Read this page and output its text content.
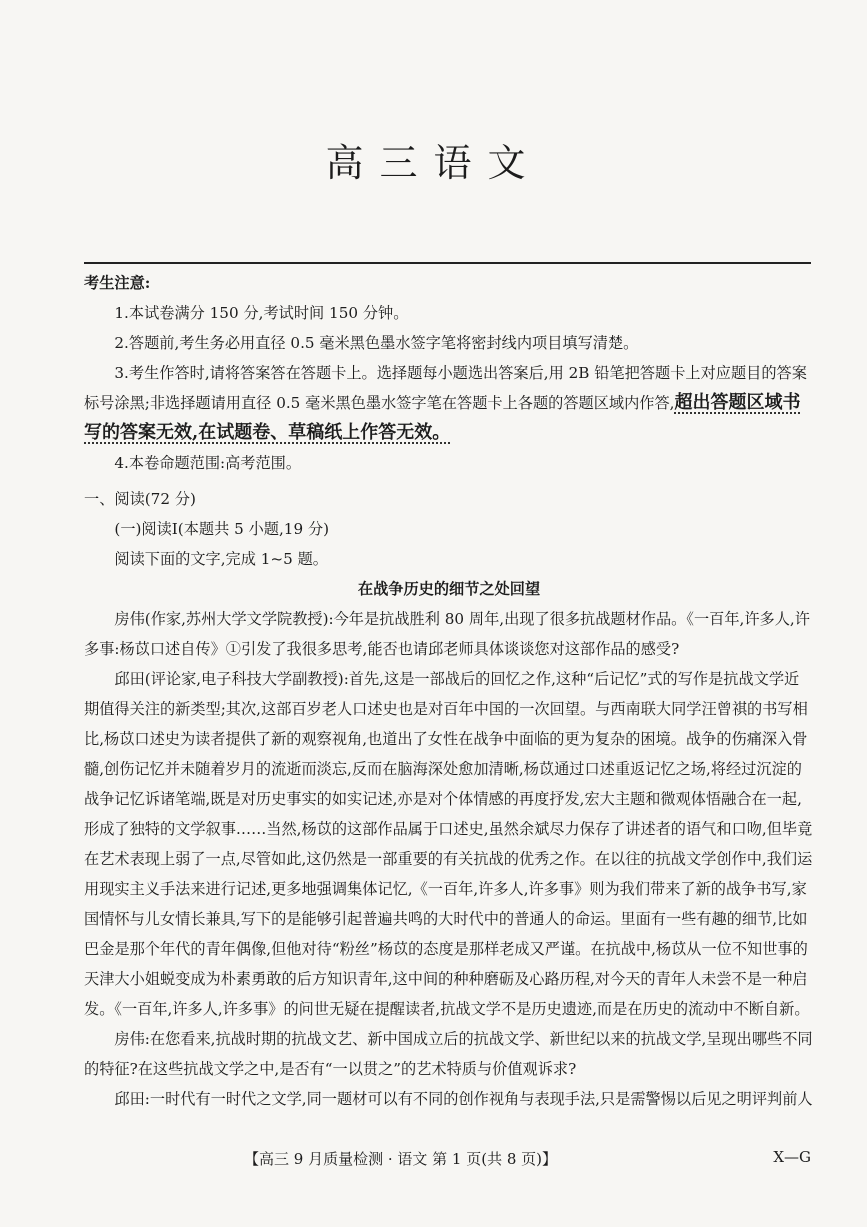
高三语文

考生注意:

1.本试卷满分 150 分,考试时间 150 分钟。

2.答题前,考生务必用直径 0.5 毫米黑色墨水签字笔将密封线内项目填写清楚。

3.考生作答时,请将答案答在答题卡上。选择题每小题选出答案后,用 2B 铅笔把答题卡上对应题目的答案标号涂黑;非选择题请用直径 0.5 毫米黑色墨水签字笔在答题卡上各题的答题区域内作答,超出答题区域书写的答案无效,在试题卷、草稿纸上作答无效。

4.本卷命题范围:高考范围。

一、阅读(72 分)

(一)阅读Ⅰ(本题共 5 小题,19 分)

阅读下面的文字,完成 1~5 题。

在战争历史的细节之处回望

房伟(作家,苏州大学文学院教授):今年是抗战胜利 80 周年,出现了很多抗战题材作品。《一百年,许多人,许多事:杨苡口述自传》①引发了我很多思考,能否也请邱老师具体谈谈您对这部作品的感受?

邱田(评论家,电子科技大学副教授):首先,这是一部战后的回忆之作,这种“后记忆”式的写作是抗战文学近期值得关注的新类型;其次,这部百岁老人口述史也是对百年中国的一次回望。与西南联大同学汪曾祺的书写相比,杨苡口述史为读者提供了新的观察视角,也道出了女性在战争中面临的更为复杂的困境。战争的伤痛深入骨髓,创伤记忆并未随着岁月的流逝而淡忘,反而在脑海深处愈加清晰,杨苡通过口述重返记忆之场,将经过沉淀的战争记忆诉诸笔端,既是对历史事实的如实记述,亦是对个体情感的再度抒发,宏大主题和微观体悟融合在一起,形成了独特的文学叙事……当然,杨苡的这部作品属于口述史,虽然余斌尽力保存了讲述者的语气和口吻,但毕竟在艺术表现上弱了一点,尽管如此,这仍然是一部重要的有关抗战的优秀之作。在以往的抗战文学创作中,我们运用现实主义手法来进行记述,更多地强调集体记忆,《一百年,许多人,许多事》则为我们带来了新的战争书写,家国情怀与儿女情长兼具,写下的是能够引起普遍共鸣的大时代中的普通人的命运。里面有一些有趣的细节,比如巴金是那个年代的青年偶像,但他对待“粉丝”杨苡的态度是那样老成又严谨。在抗战中,杨苡从一位不知世事的天津大小姐蜕变成为朴素勇敢的后方知识青年,这中间的种种磨砺及心路历程,对今天的青年人未尝不是一种启发。《一百年,许多人,许多事》的问世无疑在提醒读者,抗战文学不是历史遗迹,而是在历史的流动中不断自新。

房伟:在您看来,抗战时期的抗战文艺、新中国成立后的抗战文学、新世纪以来的抗战文学,呈现出哪些不同的特征?在这些抗战文学之中,是否有“一以贯之”的艺术特质与价值观诉求?

邱田:一时代有一时代之文学,同一题材可以有不同的创作视角与表现手法,只是需警惕以后见之明评判前人

【高三 9 月质量检测 · 语文 第 1 页(共 8 页)】	X—G
